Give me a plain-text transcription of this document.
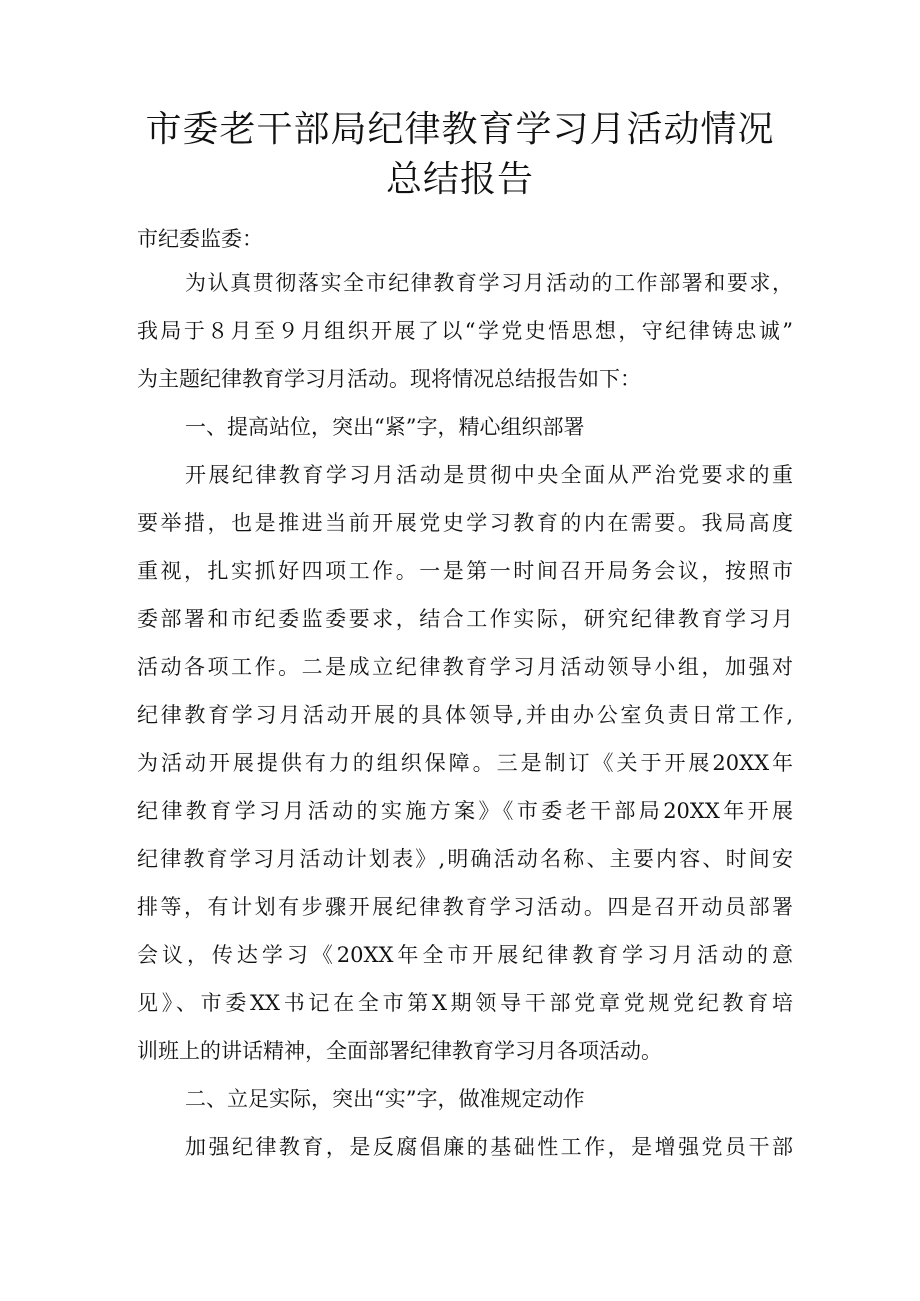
市委老干部局纪律教育学习月活动情况
总结报告
市纪委监委：
为认真贯彻落实全市纪律教育学习月活动的工作部署和要求，
我局于８月至９月组织开展了以“学党史悟思想，守纪律铸忠诚”
为主题纪律教育学习月活动。现将情况总结报告如下：
一、提高站位，突出“紧”字，精心组织部署
开展纪律教育学习月活动是贯彻中央全面从严治党要求的重
要举措，也是推进当前开展党史学习教育的内在需要。我局高度
重视，扎实抓好四项工作。一是第一时间召开局务会议，按照市
委部署和市纪委监委要求，结合工作实际，研究纪律教育学习月
活动各项工作。二是成立纪律教育学习月活动领导小组，加强对
纪律教育学习月活动开展的具体领导,并由办公室负责日常工作,
为活动开展提供有力的组织保障。三是制订《关于开展20XX年
纪律教育学习月活动的实施方案》《市委老干部局20XX年开展
纪律教育学习月活动计划表》,明确活动名称、主要内容、时间安
排等，有计划有步骤开展纪律教育学习活动。四是召开动员部署
会议，传达学习《20XX年全市开展纪律教育学习月活动的意
见》、市委XX书记在全市第X期领导干部党章党规党纪教育培
训班上的讲话精神，全面部署纪律教育学习月各项活动。
二、立足实际，突出“实”字，做准规定动作
加强纪律教育，是反腐倡廉的基础性工作，是增强党员干部
